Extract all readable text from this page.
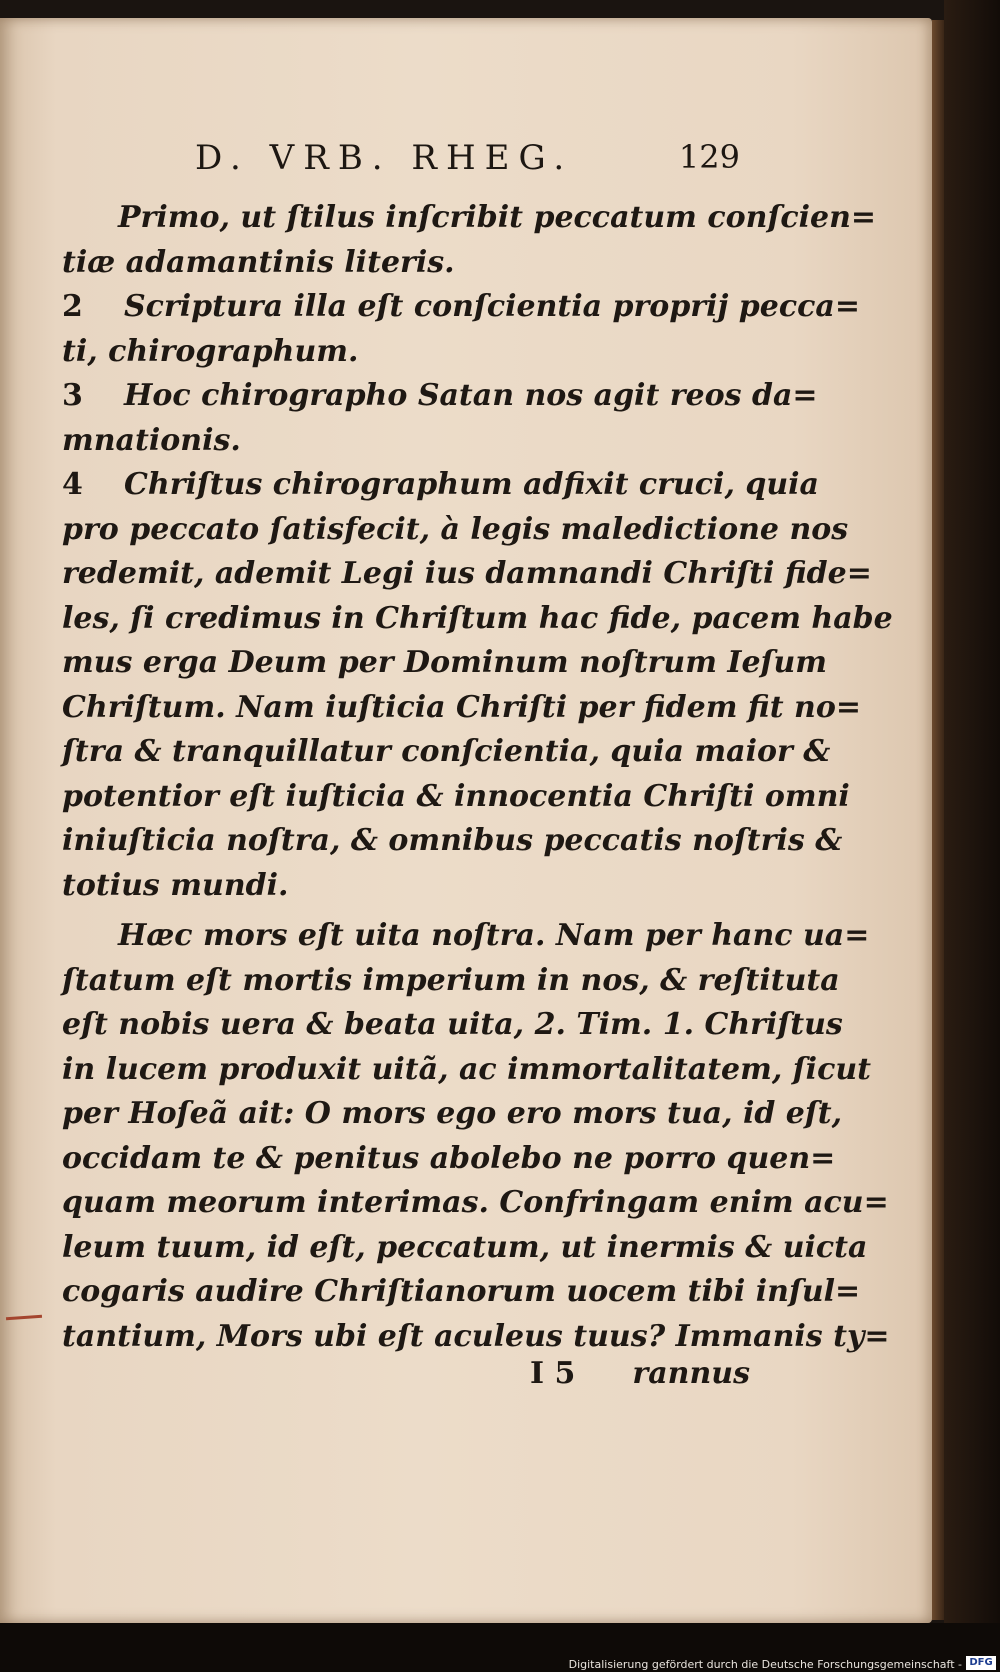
D. VRB. RHEG.	129
Primo, ut ſtilus inſcribit peccatum conſcien=
tiæ adamantinis literis.
2 Scriptura illa eſt conſcientia proprij pecca=
ti, chirographum.
3 Hoc chirographo Satan nos agit reos da=
mnationis.
4 Chriſtus chirographum adfixit cruci, quia
pro peccato ſatisfecit, à legis maledictione nos
redemit, ademit Legi ius damnandi Chriſti fide=
les, ſi credimus in Chriſtum hac fide, pacem habe
mus erga Deum per Dominum noſtrum Ieſum
Chriſtum. Nam iuſticia Chriſti per fidem fit no=
ſtra & tranquillatur conſcientia, quia maior &
potentior eſt iuſticia & innocentia Chriſti omni
iniuſticia noſtra, & omnibus peccatis noſtris &
totius mundi.
Hæc mors eſt uita noſtra. Nam per hanc ua=
ſtatum eſt mortis imperium in nos, & reſtituta
eſt nobis uera & beata uita, 2. Tim. 1. Chriſtus
in lucem produxit uitã, ac immortalitatem, ſicut
per Hoſeã ait: O mors ego ero mors tua, id eſt,
occidam te & penitus abolebo ne porro quen=
quam meorum interimas. Confringam enim acu=
leum tuum, id eſt, peccatum, ut inermis & uicta
cogaris audire Chriſtianorum uocem tibi inſul=
tantium, Mors ubi eſt aculeus tuus? Immanis ty=
I 5 rannus
Digitalisierung gefördert durch die Deutsche Forschungsgemeinschaft - DFG
